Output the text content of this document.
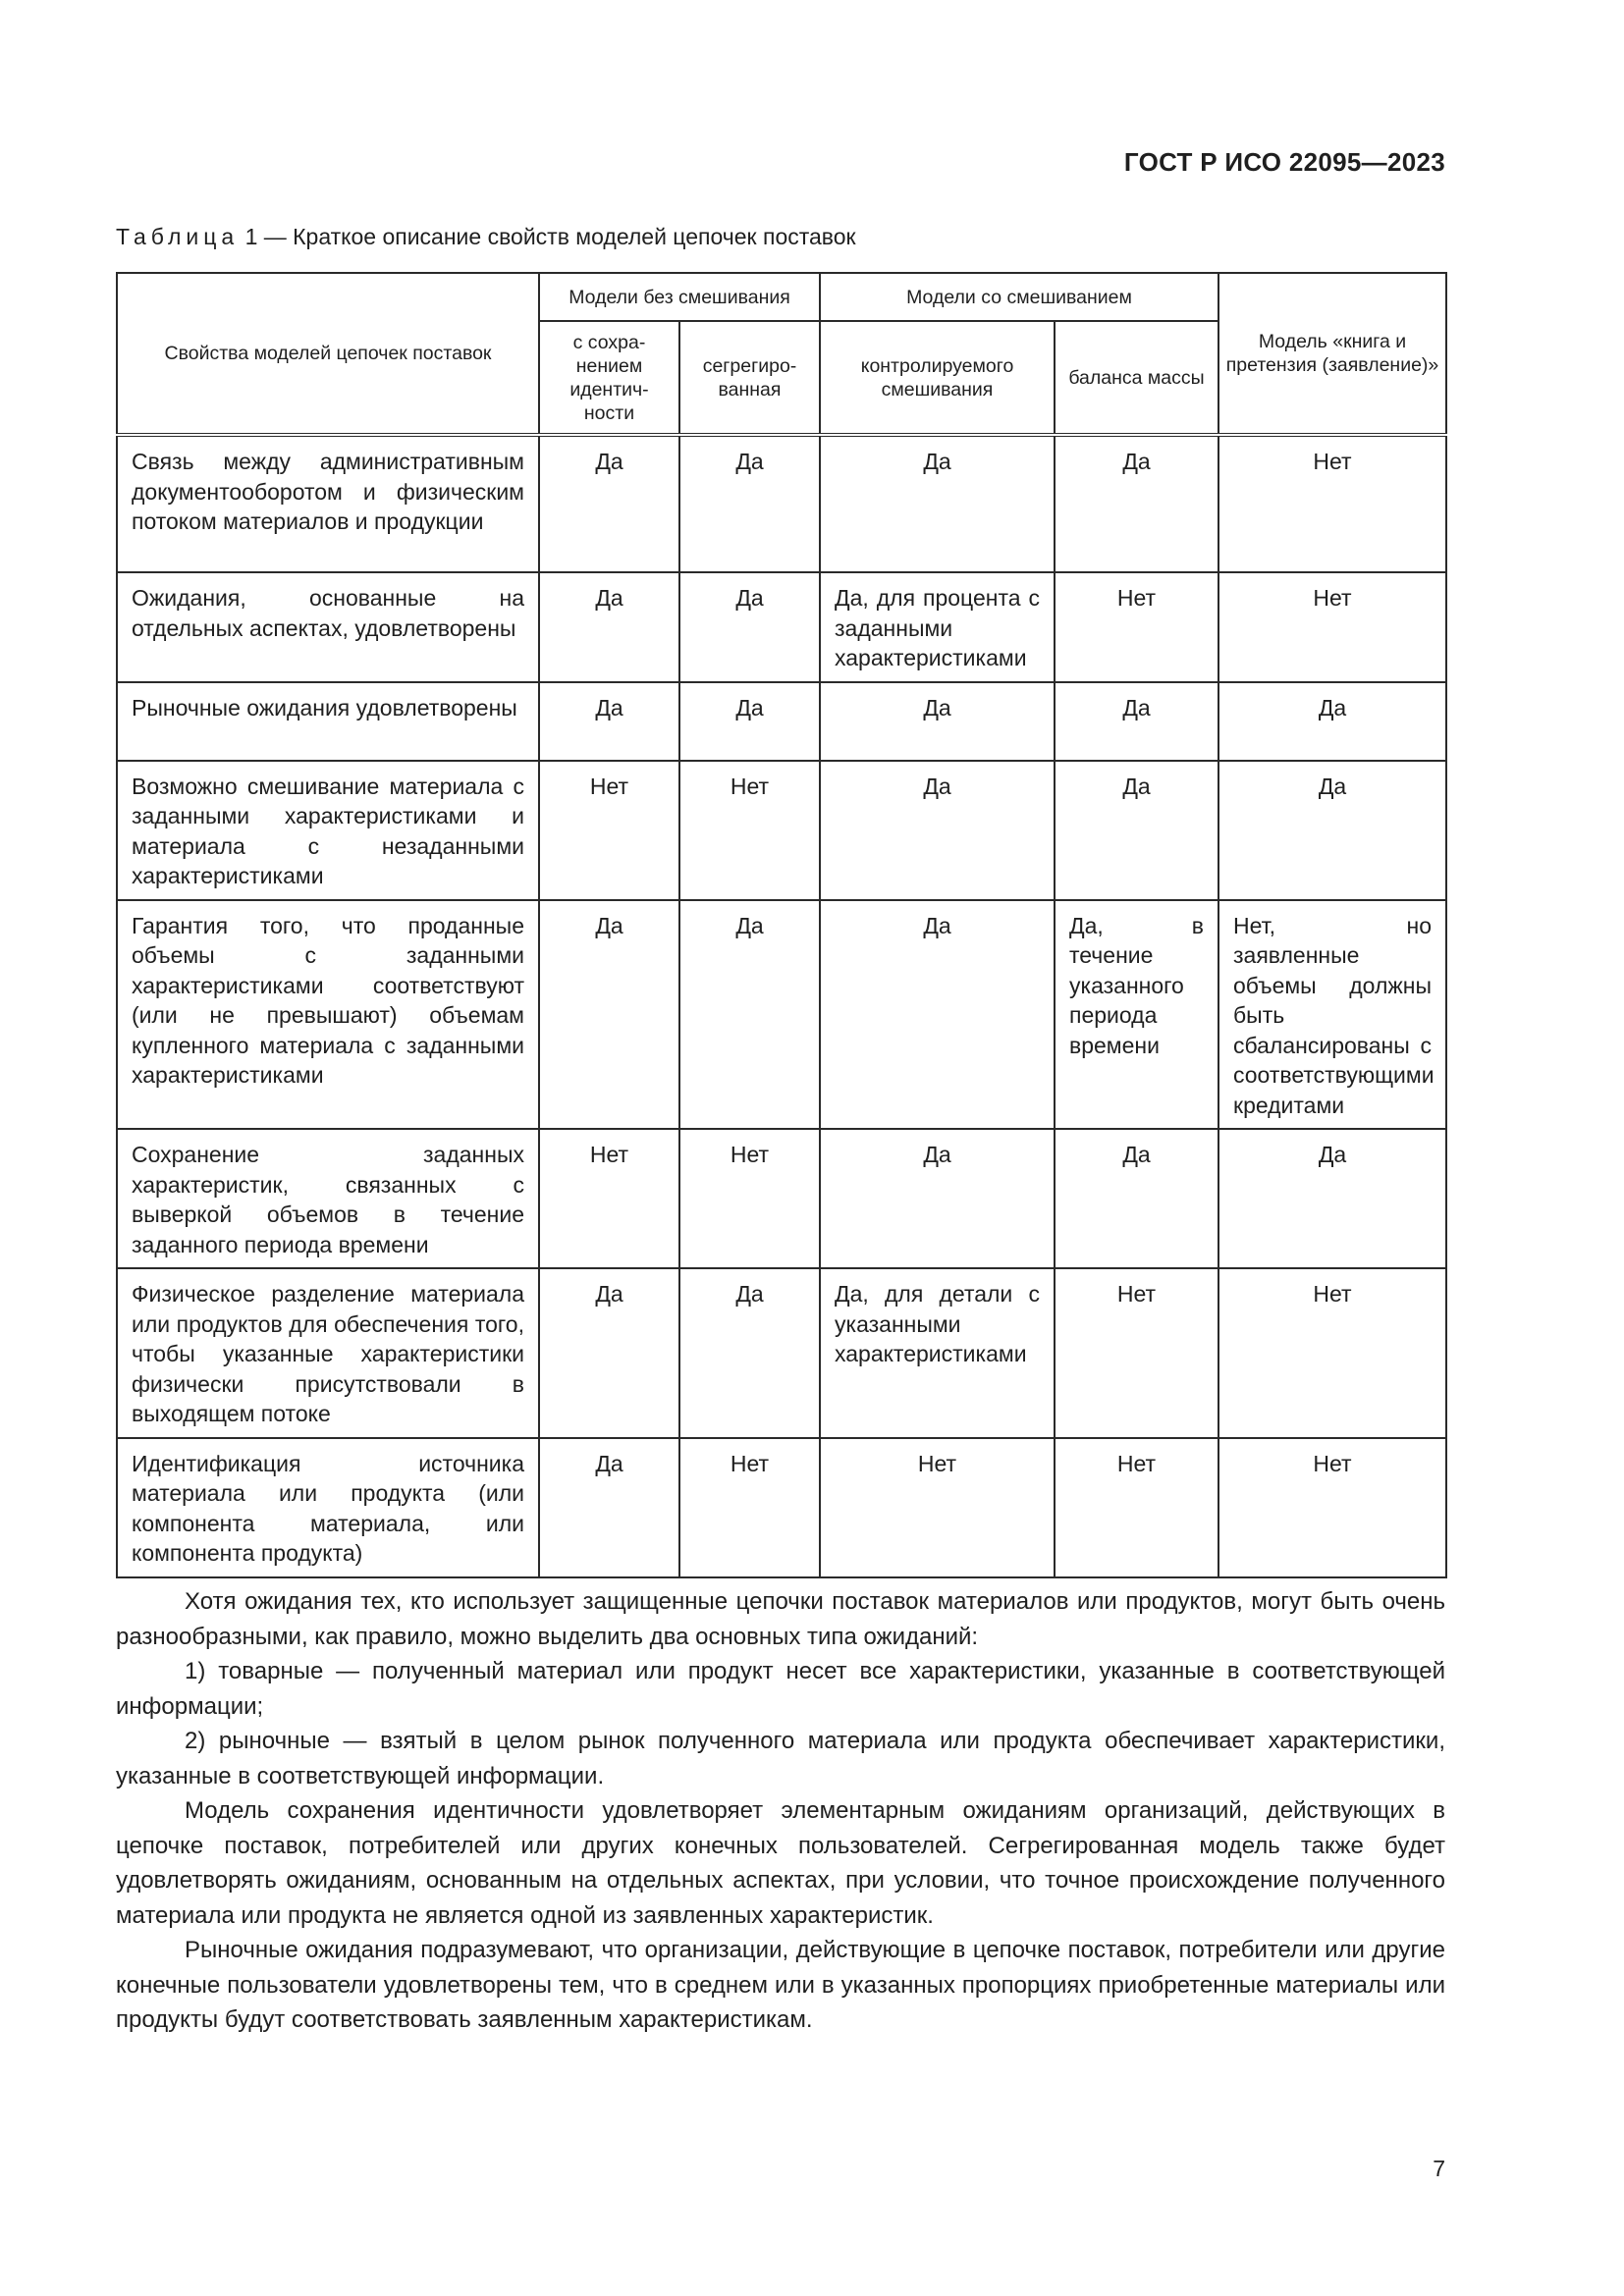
ГОСТ Р ИСО 22095—2023
Таблица 1 — Краткое описание свойств моделей цепочек поставок
Свойства моделей цепочек поставок	Модели без смешивания		Модели со смешиванием		Модель «книга и претензия (заявление)»
	с сохра-нением идентич-ности	сегрегиро-ванная	контролируемого смешивания	баланса массы	
Связь между административным документооборотом и физическим потоком материалов и продукции	Да	Да	Да	Да	Нет
Ожидания, основанные на отдельных аспектах, удовлетворены	Да	Да	Да, для процента с заданными характеристиками	Нет	Нет
Рыночные ожидания удовлетворены	Да	Да	Да	Да	Да
Возможно смешивание материала с заданными характеристиками и материала с незаданными характеристиками	Нет	Нет	Да	Да	Да
Гарантия того, что проданные объемы с заданными характеристиками соответствуют (или не превышают) объемам купленного материала с заданными характеристиками	Да	Да	Да	Да, в течение указанного периода времени	Нет, но заявленные объемы должны быть сбалансированы с соответствующими кредитами
Сохранение заданных характеристик, связанных с выверкой объемов в течение заданного периода времени	Нет	Нет	Да	Да	Да
Физическое разделение материала или продуктов для обеспечения того, чтобы указанные характеристики физически присутствовали в выходящем потоке	Да	Да	Да, для детали с указанными характеристиками	Нет	Нет
Идентификация источника материала или продукта (или компонента материала, или компонента продукта)	Да	Нет	Нет	Нет	Нет

Хотя ожидания тех, кто использует защищенные цепочки поставок материалов или продуктов, могут быть очень разнообразными, как правило, можно выделить два основных типа ожиданий:

1) товарные — полученный материал или продукт несет все характеристики, указанные в соответствующей информации;

2) рыночные — взятый в целом рынок полученного материала или продукта обеспечивает характеристики, указанные в соответствующей информации.

Модель сохранения идентичности удовлетворяет элементарным ожиданиям организаций, действующих в цепочке поставок, потребителей или других конечных пользователей. Сегрегированная модель также будет удовлетворять ожиданиям, основанным на отдельных аспектах, при условии, что точное происхождение полученного материала или продукта не является одной из заявленных характеристик.

Рыночные ожидания подразумевают, что организации, действующие в цепочке поставок, потребители или другие конечные пользователи удовлетворены тем, что в среднем или в указанных пропорциях приобретенные материалы или продукты будут соответствовать заявленным характеристикам.

7
